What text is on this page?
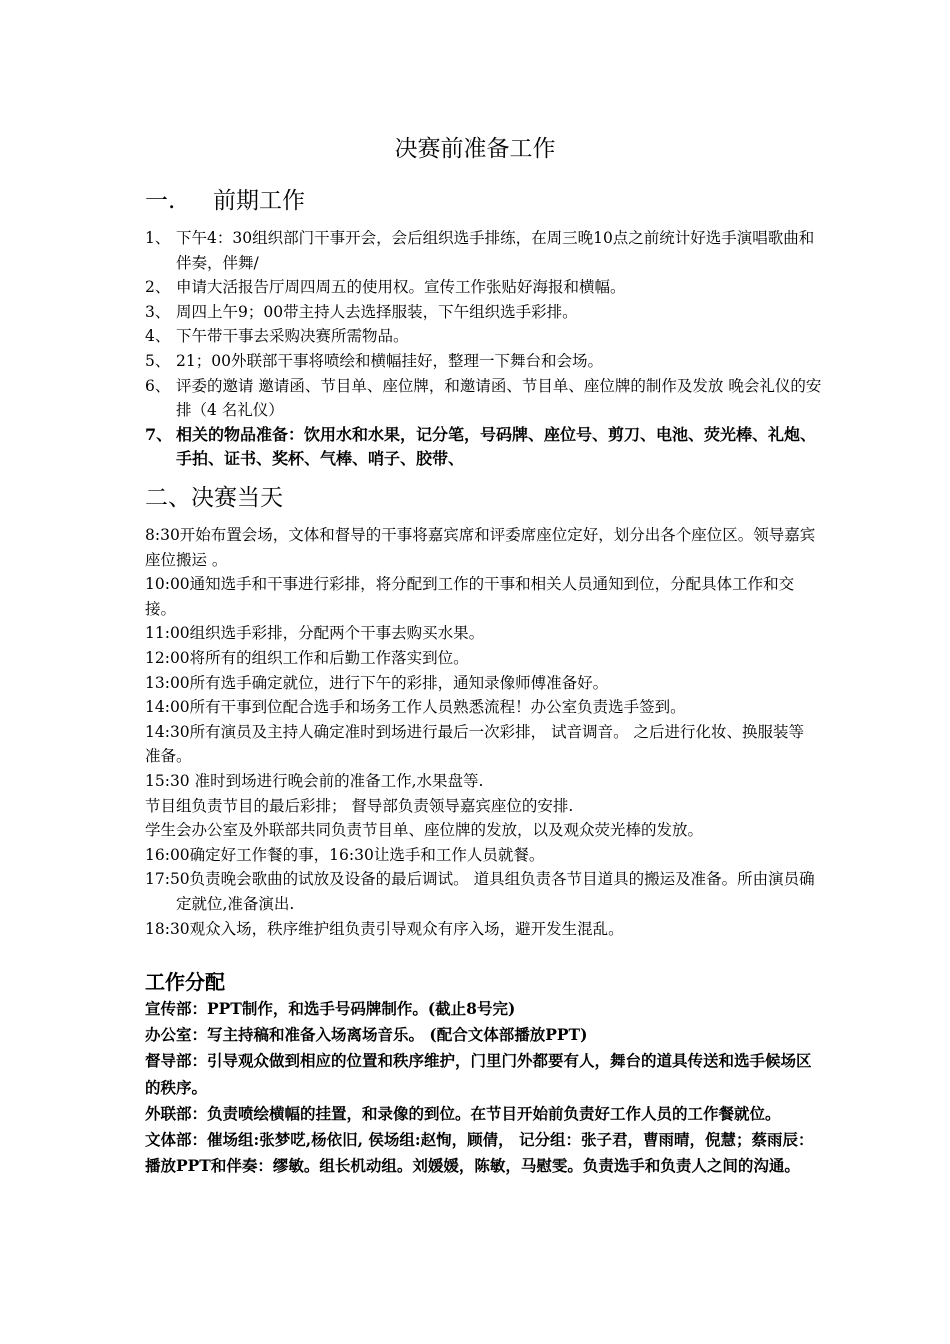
决赛前准备工作
一. 前期工作
1、 下午4：30组织部门干事开会，会后组织选手排练，在周三晚10点之前统计好选手演唱歌曲和伴奏，伴舞/
2、 申请大活报告厅周四周五的使用权。宣传工作张贴好海报和横幅。
3、 周四上午9；00带主持人去选择服装，下午组织选手彩排。
4、 下午带干事去采购决赛所需物品。
5、 21；00外联部干事将喷绘和横幅挂好，整理一下舞台和会场。
6、 评委的邀请 邀请函、节目单、座位牌，和邀请函、节目单、座位牌的制作及发放 晚会礼仪的安排（4 名礼仪）
7、 相关的物品准备：饮用水和水果，记分笔，号码牌、座位号、剪刀、电池、荧光棒、礼炮、手拍、证书、奖杯、气棒、哨子、胶带、
二、决赛当天

8:30开始布置会场，文体和督导的干事将嘉宾席和评委席座位定好，划分出各个座位区。领导嘉宾座位搬运 。

10:00通知选手和干事进行彩排，将分配到工作的干事和相关人员通知到位，分配具体工作和交接。

11:00组织选手彩排，分配两个干事去购买水果。

12:00将所有的组织工作和后勤工作落实到位。

13:00所有选手确定就位，进行下午的彩排，通知录像师傅准备好。

14:00所有干事到位配合选手和场务工作人员熟悉流程！办公室负责选手签到。

14:30所有演员及主持人确定准时到场进行最后一次彩排， 试音调音。 之后进行化妆、换服装等准备。

15:30 准时到场进行晚会前的准备工作,水果盘等.

节目组负责节目的最后彩排； 督导部负责领导嘉宾座位的安排.

学生会办公室及外联部共同负责节目单、座位牌的发放，以及观众荧光棒的发放。

16:00确定好工作餐的事，16:30让选手和工作人员就餐。

17:50负责晚会歌曲的试放及设备的最后调试。 道具组负责各节目道具的搬运及准备。所由演员确定就位,准备演出.

18:30观众入场，秩序维护组负责引导观众有序入场，避开发生混乱。

工作分配

宣传部：PPT制作，和选手号码牌制作。(截止8号完)

办公室：写主持稿和准备入场离场音乐。 (配合文体部播放PPT)

督导部：引导观众做到相应的位置和秩序维护，门里门外都要有人，舞台的道具传送和选手候场区的秩序。

外联部：负责喷绘横幅的挂置，和录像的到位。在节目开始前负责好工作人员的工作餐就位。

文体部：催场组:张梦呓,杨依旧, 侯场组:赵恂，顾倩， 记分组：张子君，曹雨晴，倪慧；蔡雨辰：播放PPT和伴奏：缪敏。组长机动组。刘媛媛，陈敏，马慰雯。负责选手和负责人之间的沟通。
